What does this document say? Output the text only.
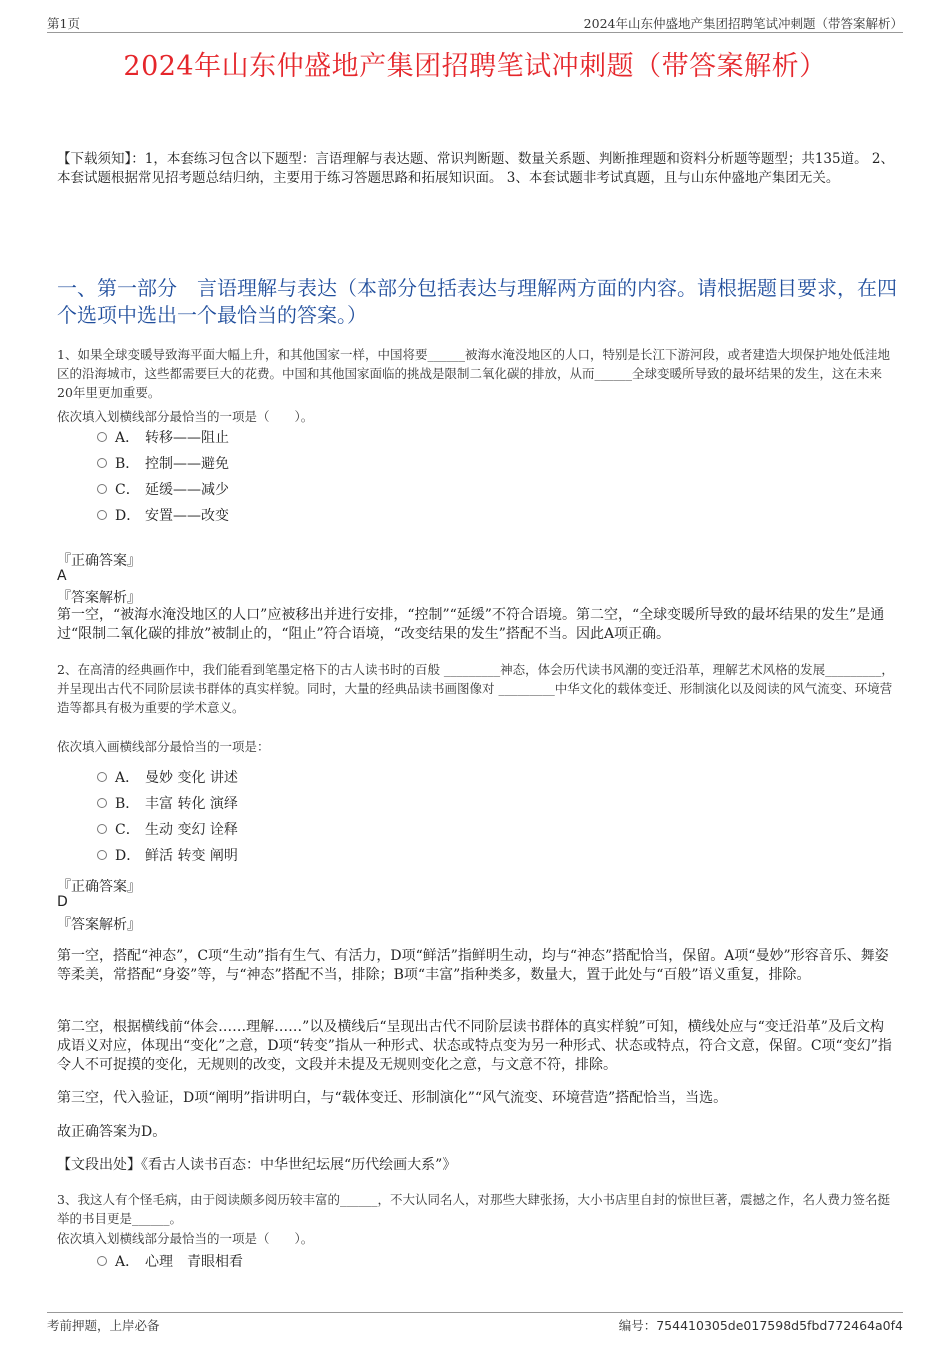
第1页	2024年山东仲盛地产集团招聘笔试冲刺题（带答案解析）
2024年山东仲盛地产集团招聘笔试冲刺题（带答案解析）
【下载须知】：1，本套练习包含以下题型：言语理解与表达题、常识判断题、数量关系题、判断推理题和资料分析题等题型；共135道。 2、本套试题根据常见招考题总结归纳，主要用于练习答题思路和拓展知识面。 3、本套试题非考试真题，且与山东仲盛地产集团无关。
一、第一部分　言语理解与表达（本部分包括表达与理解两方面的内容。请根据题目要求，在四个选项中选出一个最恰当的答案。）
1、如果全球变暖导致海平面大幅上升，和其他国家一样，中国将要______被海水淹没地区的人口，特别是长江下游河段，或者建造大坝保护地处低洼地区的沿海城市，这些都需要巨大的花费。中国和其他国家面临的挑战是限制二氧化碳的排放，从而______全球变暖所导致的最坏结果的发生，这在未来20年里更加重要。
依次填入划横线部分最恰当的一项是（　　）。
A． 转移——阻止
B． 控制——避免
C． 延缓——减少
D． 安置——改变
『正确答案』
A
『答案解析』
第一空，“被海水淹没地区的人口”应被移出并进行安排，“控制”“延缓”不符合语境。第二空，“全球变暖所导致的最坏结果的发生”是通过“限制二氧化碳的排放”被制止的，“阻止”符合语境，“改变结果的发生”搭配不当。因此A项正确。
2、在高清的经典画作中，我们能看到笔墨定格下的古人读书时的百般 _________神态，体会历代读书风潮的变迁沿革，理解艺术风格的发展_________，并呈现出古代不同阶层读书群体的真实样貌。同时，大量的经典品读书画图像对 _________中华文化的载体变迁、形制演化以及阅读的风气流变、环境营造等都具有极为重要的学术意义。
依次填入画横线部分最恰当的一项是：
A． 曼妙 变化 讲述
B． 丰富 转化 演绎
C． 生动 变幻 诠释
D． 鲜活 转变 阐明
『正确答案』
D
『答案解析』
第一空，搭配“神态”，C项“生动”指有生气、有活力，D项“鲜活”指鲜明生动，均与“神态”搭配恰当，保留。A项“曼妙”形容音乐、舞姿等柔美，常搭配“身姿”等，与“神态”搭配不当，排除；B项“丰富”指种类多，数量大，置于此处与“百般”语义重复，排除。
第二空，根据横线前“体会……理解……”以及横线后“呈现出古代不同阶层读书群体的真实样貌”可知，横线处应与“变迁沿革”及后文构成语义对应，体现出“变化”之意，D项“转变”指从一种形式、状态或特点变为另一种形式、状态或特点，符合文意，保留。C项“变幻”指令人不可捉摸的变化，无规则的改变，文段并未提及无规则变化之意，与文意不符，排除。
第三空，代入验证，D项“阐明”指讲明白，与“载体变迁、形制演化”“风气流变、环境营造”搭配恰当，当选。
故正确答案为D。
【文段出处】《看古人读书百态：中华世纪坛展“历代绘画大系”》
3、我这人有个怪毛病，由于阅读颇多阅历较丰富的______，不大认同名人，对那些大肆张扬，大小书店里自封的惊世巨著，震撼之作，名人费力签名挺举的书目更是______。
依次填入划横线部分最恰当的一项是（　　）。
A． 心理　青眼相看
考前押题，上岸必备	编号：754410305de017598d5fbd772464a0f4
